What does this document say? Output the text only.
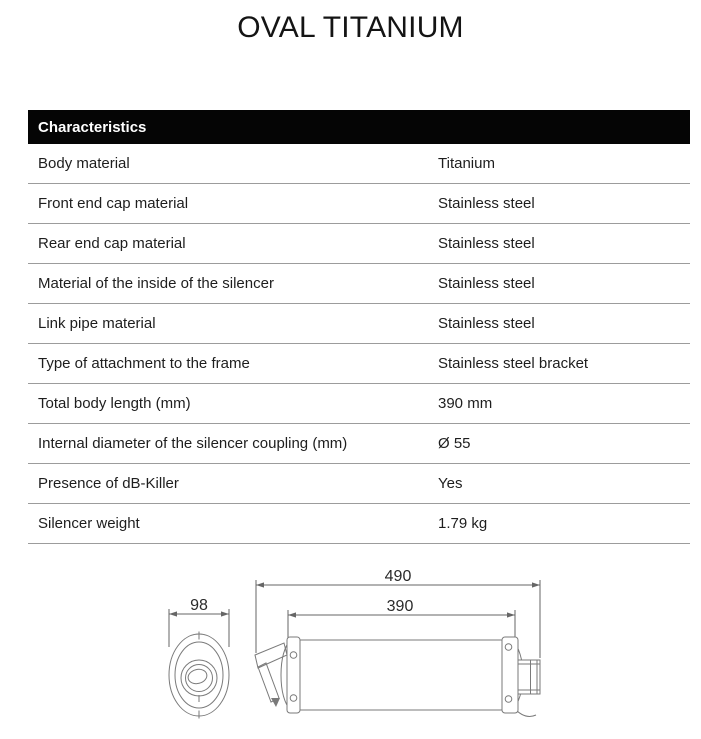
OVAL TITANIUM
Characteristics
Body material	Titanium
Front end cap material	Stainless steel
Rear end cap material	Stainless steel
Material of the inside of the silencer	Stainless steel
Link pipe material	Stainless steel
Type of attachment to the frame	Stainless steel bracket
Total body length (mm)	390 mm
Internal diameter of the silencer coupling (mm)	Ø 55
Presence of dB-Killer	Yes
Silencer weight	1.79 kg
490
390
98
